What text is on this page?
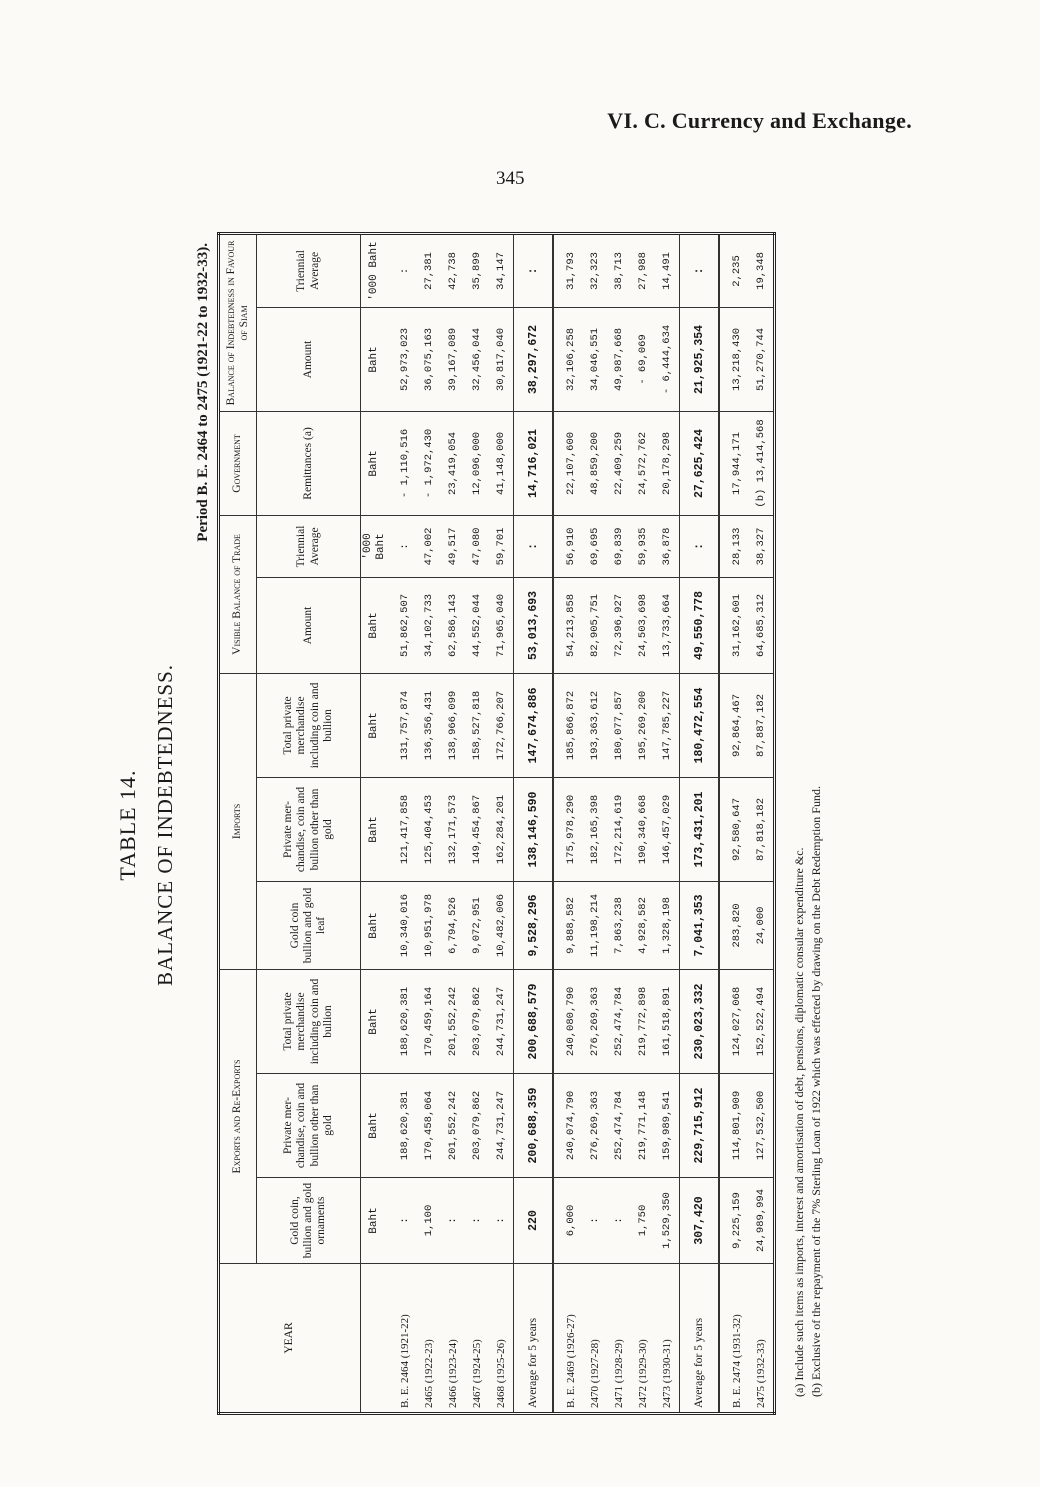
VI. C. Currency and Exchange.
345
TABLE 14. BALANCE OF INDEBTEDNESS.
Period B. E. 2464 to 2475 (1921-22 to 1932-33).
YEAR	Exports and Re-Exports			Imports			Visible Balance of Trade		Government	Balance of Indebtedness in Favour of Siam	
	Gold coin, bullion and gold ornaments	Private mer-chandise, coin and bullion other than gold	Total private merchandise including coin and bullion	Gold coin bullion and gold leaf	Private mer-chandise, coin and bullion other than gold	Total private merchandise including coin and bullion	Amount	Triennial Average	Remittances (a)	Amount	Triennial Average
	Baht	Baht	Baht	Baht	Baht	Baht	Baht	'000 Baht	Baht	Baht	'000 Baht
B. E. 2464 (1921-22)	:	188,620,381	188,620,381	10,340,016	121,417,858	131,757,874	51,862,507	:	- 1,110,516	52,973,023	:
2465 (1922-23)	1,100	170,458,064	170,459,164	10,951,978	125,404,453	136,356,431	34,102,733	47,002	- 1,972,430	36,075,163	27,381
2466 (1923-24)	:	201,552,242	201,552,242	6,794,526	132,171,573	138,966,099	62,586,143	49,517	23,419,054	39,167,089	42,738
2467 (1924-25)	:	203,079,862	203,079,862	9,072,951	149,454,867	158,527,818	44,552,044	47,080	12,096,000	32,456,044	35,899
2468 (1925-26)	:	244,731,247	244,731,247	10,482,006	162,284,201	172,766,207	71,965,040	59,701	41,148,000	30,817,040	34,147
Average for 5 years	220	200,688,359	200,688,579	9,528,296	138,146,590	147,674,886	53,013,693	:	14,716,021	38,297,672	:
B. E. 2469 (1926-27)	6,000	240,074,790	240,080,790	9,888,582	175,978,290	185,866,872	54,213,858	56,910	22,107,600	32,106,258	31,793
2470 (1927-28)	:	276,269,363	276,269,363	11,198,214	182,165,398	193,363,612	82,905,751	69,695	48,859,200	34,046,551	32,323
2471 (1928-29)	:	252,474,784	252,474,784	7,863,238	172,214,619	180,077,857	72,396,927	69,839	22,409,259	49,987,668	38,713
2472 (1929-30)	1,750	219,771,148	219,772,898	4,928,582	190,340,668	195,269,200	24,503,698	59,935	24,572,762	- 69,069	27,988
2473 (1930-31)	1,529,350	159,989,541	161,518,891	1,328,198	146,457,029	147,785,227	13,733,664	36,878	20,178,298	- 6,444,634	14,491
Average for 5 years	307,420	229,715,912	230,023,332	7,041,353	173,431,201	180,472,554	49,550,778	:	27,625,424	21,925,354	:
B. E. 2474 (1931-32)	9,225,159	114,801,909	124,027,068	283,820	92,580,647	92,864,467	31,162,601	28,133	17,944,171	13,218,430	2,235
2475 (1932-33)	24,989,994	127,532,500	152,522,494	24,000	87,818,182	87,887,182	64,685,312	38,327	(b) 13,414,568	51,270,744	19,348
(a) Include such items as imports, interest and amortisation of debt, pensions, diplomatic consular expenditure &c. (b) Exclusive of the repayment of the 7% Sterling Loan of 1922 which was effected by drawing on the Debt Redemption Fund.
